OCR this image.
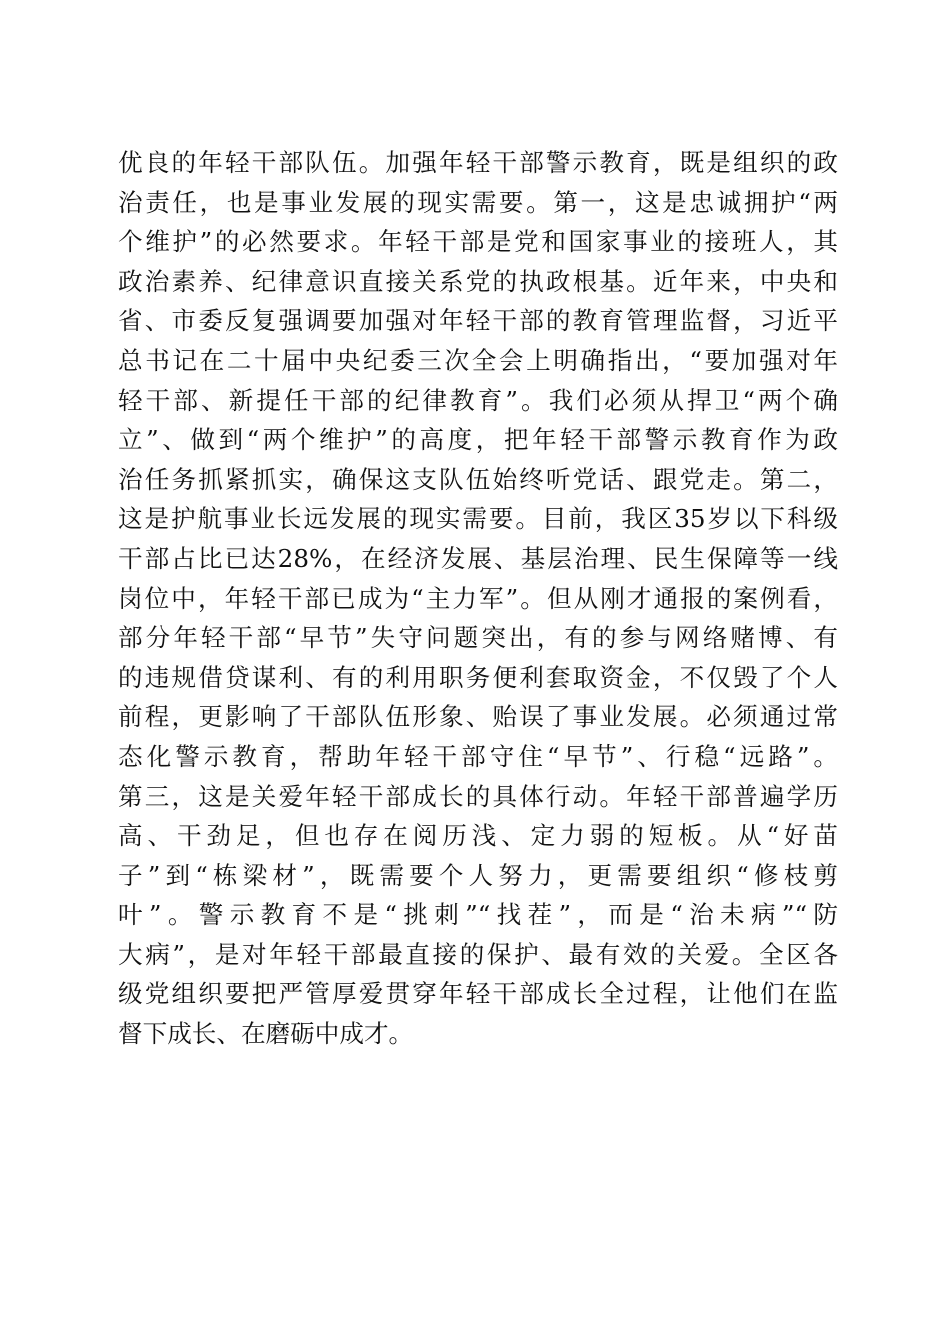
优良的年轻干部队伍。加强年轻干部警示教育，既是组织的政
治责任，也是事业发展的现实需要。第一，这是忠诚拥护“两
个维护”的必然要求。年轻干部是党和国家事业的接班人，其
政治素养、纪律意识直接关系党的执政根基。近年来，中央和
省、市委反复强调要加强对年轻干部的教育管理监督，习近平
总书记在二十届中央纪委三次全会上明确指出，“要加强对年
轻干部、新提任干部的纪律教育”。我们必须从捍卫“两个确
立”、做到“两个维护”的高度，把年轻干部警示教育作为政
治任务抓紧抓实，确保这支队伍始终听党话、跟党走。第二，
这是护航事业长远发展的现实需要。目前，我区35岁以下科级
干部占比已达28%，在经济发展、基层治理、民生保障等一线
岗位中，年轻干部已成为“主力军”。但从刚才通报的案例看，
部分年轻干部“早节”失守问题突出，有的参与网络赌博、有
的违规借贷谋利、有的利用职务便利套取资金，不仅毁了个人
前程，更影响了干部队伍形象、贻误了事业发展。必须通过常
态化警示教育，帮助年轻干部守住“早节”、行稳“远路”。
第三，这是关爱年轻干部成长的具体行动。年轻干部普遍学历
高、干劲足，但也存在阅历浅、定力弱的短板。从“好苗
子”到“栋梁材”，既需要个人努力，更需要组织“修枝剪
叶”。警示教育不是“挑刺”“找茬”，而是“治未病”“防
大病”，是对年轻干部最直接的保护、最有效的关爱。全区各
级党组织要把严管厚爱贯穿年轻干部成长全过程，让他们在监
督下成长、在磨砺中成才。
